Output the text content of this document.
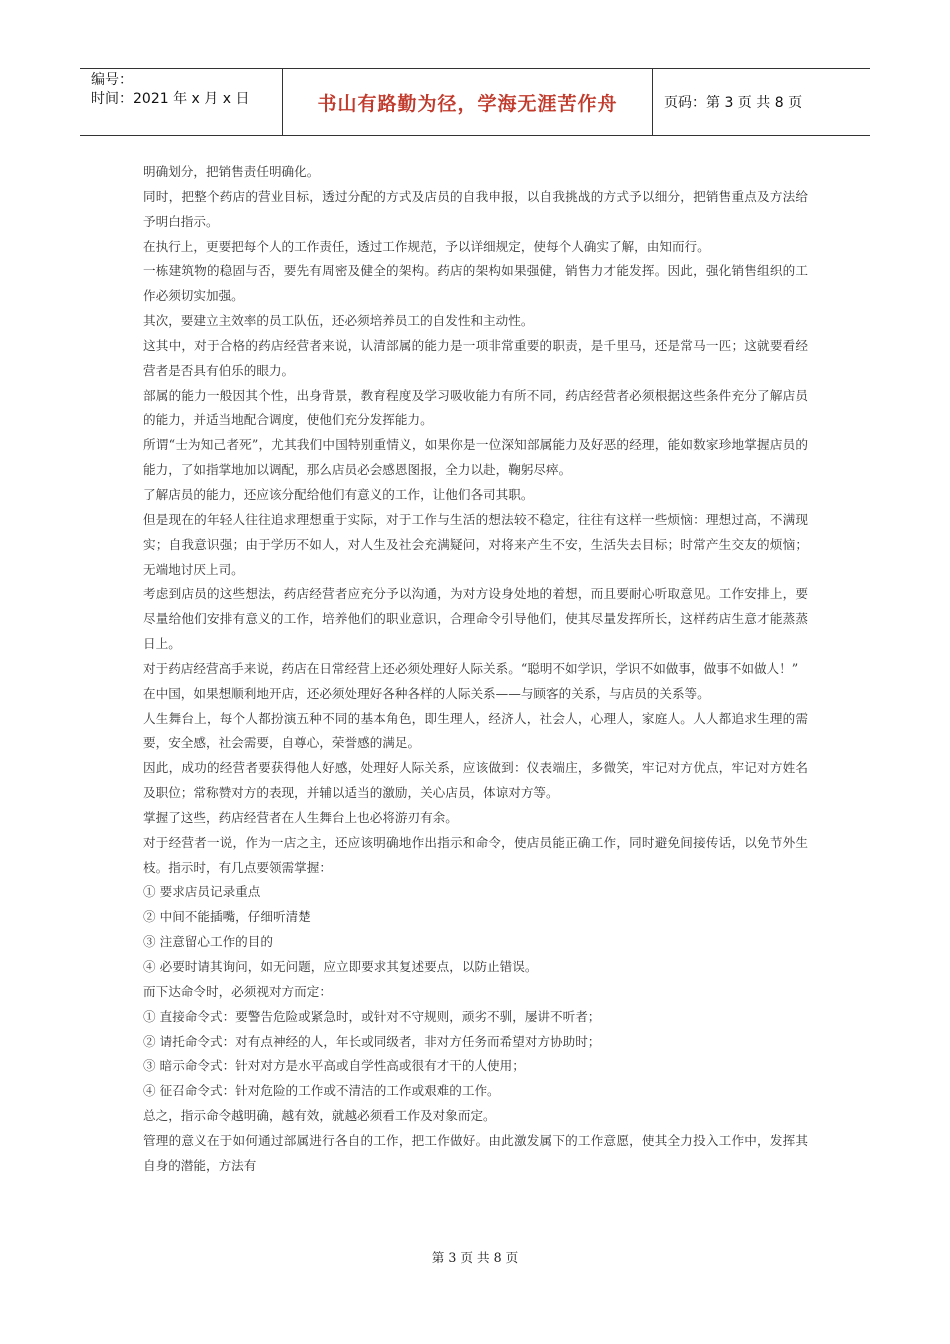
编号：
时间：2021 年 x 月 x 日	书山有路勤为径，学海无涯苦作舟	页码：第 3 页 共 8 页

明确划分，把销售责任明确化。

同时，把整个药店的营业目标，透过分配的方式及店员的自我申报，以自我挑战的方式予以细分，把销售重点及方法给予明白指示。

在执行上，更要把每个人的工作责任，透过工作规范，予以详细规定，使每个人确实了解，由知而行。

一栋建筑物的稳固与否，要先有周密及健全的架构。药店的架构如果强健，销售力才能发挥。因此，强化销售组织的工作必须切实加强。

其次，要建立主效率的员工队伍，还必须培养员工的自发性和主动性。

这其中，对于合格的药店经营者来说，认清部属的能力是一项非常重要的职责，是千里马，还是常马一匹；这就要看经营者是否具有伯乐的眼力。

部属的能力一般因其个性，出身背景，教育程度及学习吸收能力有所不同，药店经营者必须根据这些条件充分了解店员的能力，并适当地配合调度，使他们充分发挥能力。

所谓“士为知己者死”，尤其我们中国特别重情义，如果你是一位深知部属能力及好恶的经理，能如数家珍地掌握店员的能力，了如指掌地加以调配，那么店员必会感恩图报，全力以赴，鞠躬尽瘁。

了解店员的能力，还应该分配给他们有意义的工作，让他们各司其职。

但是现在的年轻人往往追求理想重于实际，对于工作与生活的想法较不稳定，往往有这样一些烦恼：理想过高，不满现实；自我意识强；由于学历不如人，对人生及社会充满疑问，对将来产生不安，生活失去目标；时常产生交友的烦恼；无端地讨厌上司。

考虑到店员的这些想法，药店经营者应充分予以沟通，为对方设身处地的着想，而且要耐心听取意见。工作安排上，要尽量给他们安排有意义的工作，培养他们的职业意识，合理命令引导他们，使其尽量发挥所长，这样药店生意才能蒸蒸日上。

对于药店经营高手来说，药店在日常经营上还必须处理好人际关系。“聪明不如学识，学识不如做事，做事不如做人！”

在中国，如果想顺利地开店，还必须处理好各种各样的人际关系——与顾客的关系，与店员的关系等。

人生舞台上，每个人都扮演五种不同的基本角色，即生理人，经济人，社会人，心理人，家庭人。人人都追求生理的需要，安全感，社会需要，自尊心，荣誉感的满足。

因此，成功的经营者要获得他人好感，处理好人际关系，应该做到：仪表端庄，多微笑，牢记对方优点，牢记对方姓名及职位；常称赞对方的表现，并辅以适当的激励，关心店员，体谅对方等。

掌握了这些，药店经营者在人生舞台上也必将游刃有余。

对于经营者一说，作为一店之主，还应该明确地作出指示和命令，使店员能正确工作，同时避免间接传话，以免节外生枝。指示时，有几点要领需掌握：

① 要求店员记录重点

② 中间不能插嘴，仔细听清楚

③ 注意留心工作的目的

④ 必要时请其询问，如无问题，应立即要求其复述要点，以防止错误。

而下达命令时，必须视对方而定：

① 直接命令式：要警告危险或紧急时，或针对不守规则，顽劣不驯，屡讲不听者；

② 请托命令式：对有点神经的人，年长或同级者，非对方任务而希望对方协助时；

③ 暗示命令式：针对对方是水平高或自学性高或很有才干的人使用；

④ 征召命令式：针对危险的工作或不清洁的工作或艰难的工作。

总之，指示命令越明确，越有效，就越必须看工作及对象而定。

管理的意义在于如何通过部属进行各自的工作，把工作做好。由此激发属下的工作意愿，使其全力投入工作中，发挥其自身的潜能，方法有

第 3 页 共 8 页
